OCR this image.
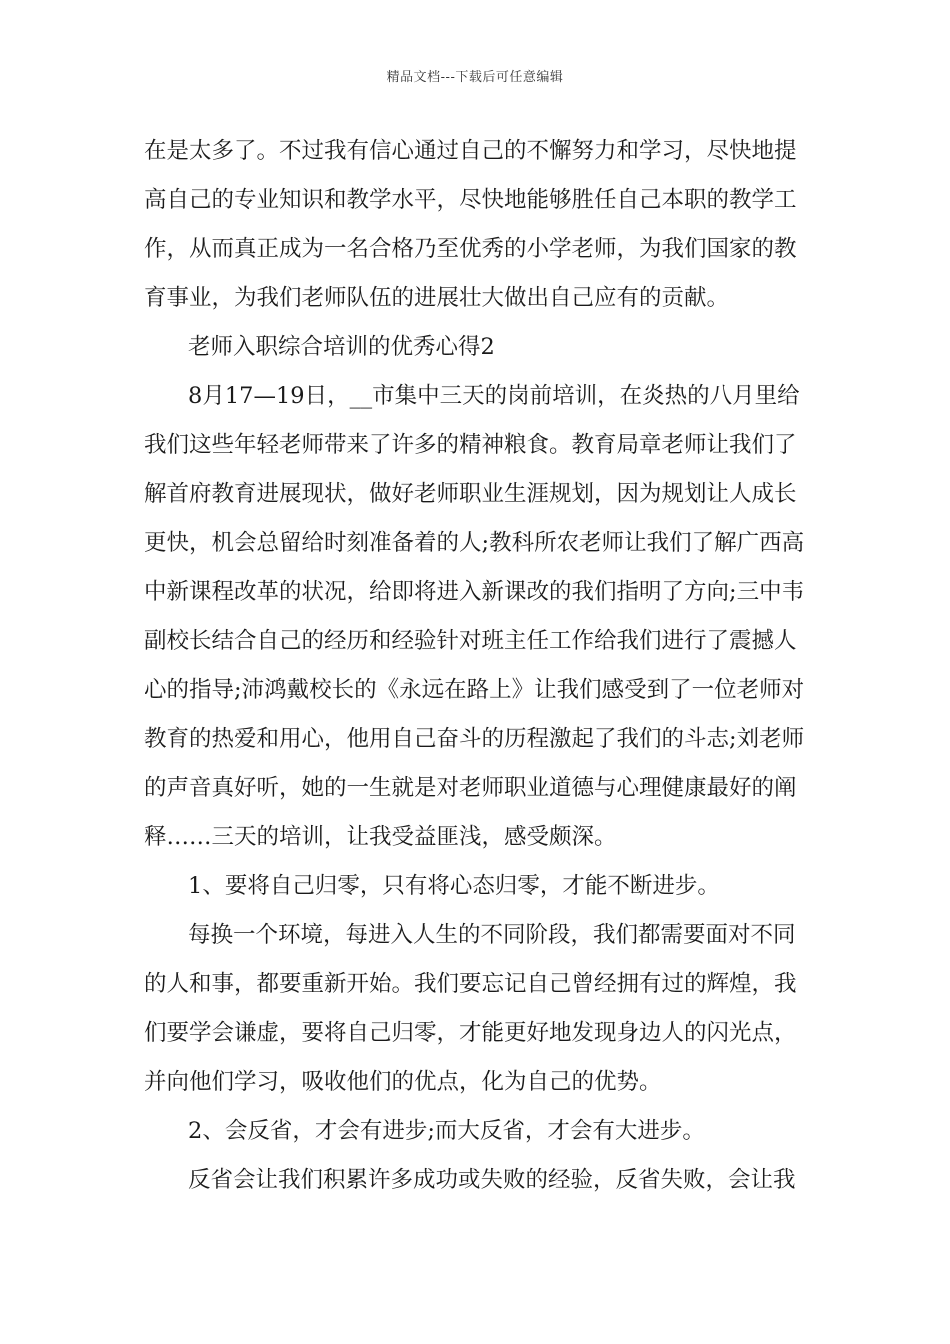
精品文档---下载后可任意编辑
在是太多了。不过我有信心通过自己的不懈努力和学习，尽快地提
高自己的专业知识和教学水平，尽快地能够胜任自己本职的教学工
作，从而真正成为一名合格乃至优秀的小学老师，为我们国家的教
育事业，为我们老师队伍的进展壮大做出自己应有的贡献。
老师入职综合培训的优秀心得2
8月17—19日，__市集中三天的岗前培训，在炎热的八月里给
我们这些年轻老师带来了许多的精神粮食。教育局章老师让我们了
解首府教育进展现状，做好老师职业生涯规划，因为规划让人成长
更快，机会总留给时刻准备着的人;教科所农老师让我们了解广西高
中新课程改革的状况，给即将进入新课改的我们指明了方向;三中韦
副校长结合自己的经历和经验针对班主任工作给我们进行了震撼人
心的指导;沛鸿戴校长的《永远在路上》让我们感受到了一位老师对
教育的热爱和用心，他用自己奋斗的历程激起了我们的斗志;刘老师
的声音真好听，她的一生就是对老师职业道德与心理健康最好的阐
释……三天的培训，让我受益匪浅，感受颇深。
1、要将自己归零，只有将心态归零，才能不断进步。
每换一个环境，每进入人生的不同阶段，我们都需要面对不同
的人和事，都要重新开始。我们要忘记自己曾经拥有过的辉煌，我
们要学会谦虚，要将自己归零，才能更好地发现身边人的闪光点，
并向他们学习，吸收他们的优点，化为自己的优势。
2、会反省，才会有进步;而大反省，才会有大进步。
反省会让我们积累许多成功或失败的经验，反省失败，会让我
